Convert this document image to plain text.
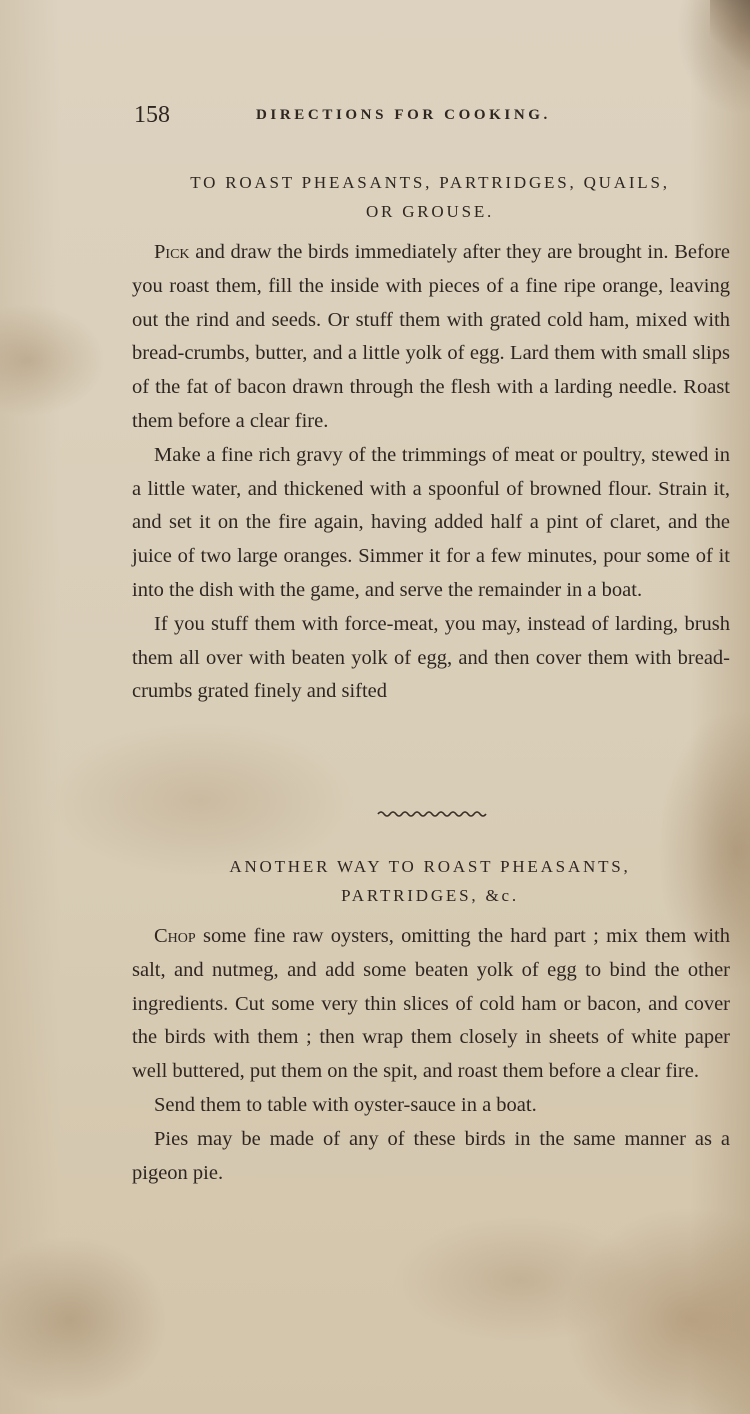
158	DIRECTIONS FOR COOKING.
TO ROAST PHEASANTS, PARTRIDGES, QUAILS,
OR GROUSE.

Pick and draw the birds immediately after they are brought in. Before you roast them, fill the inside with pieces of a fine ripe orange, leaving out the rind and seeds. Or stuff them with grated cold ham, mixed with bread-crumbs, butter, and a little yolk of egg. Lard them with small slips of the fat of bacon drawn through the flesh with a larding needle. Roast them before a clear fire.

Make a fine rich gravy of the trimmings of meat or poultry, stewed in a little water, and thickened with a spoonful of browned flour. Strain it, and set it on the fire again, having added half a pint of claret, and the juice of two large oranges. Simmer it for a few minutes, pour some of it into the dish with the game, and serve the remainder in a boat.

If you stuff them with force-meat, you may, instead of larding, brush them all over with beaten yolk of egg, and then cover them with bread-crumbs grated finely and sifted

ANOTHER WAY TO ROAST PHEASANTS,
PARTRIDGES, &c.

Chop some fine raw oysters, omitting the hard part ; mix them with salt, and nutmeg, and add some beaten yolk of egg to bind the other ingredients. Cut some very thin slices of cold ham or bacon, and cover the birds with them ; then wrap them closely in sheets of white paper well buttered, put them on the spit, and roast them before a clear fire.

Send them to table with oyster-sauce in a boat.

Pies may be made of any of these birds in the same manner as a pigeon pie.
